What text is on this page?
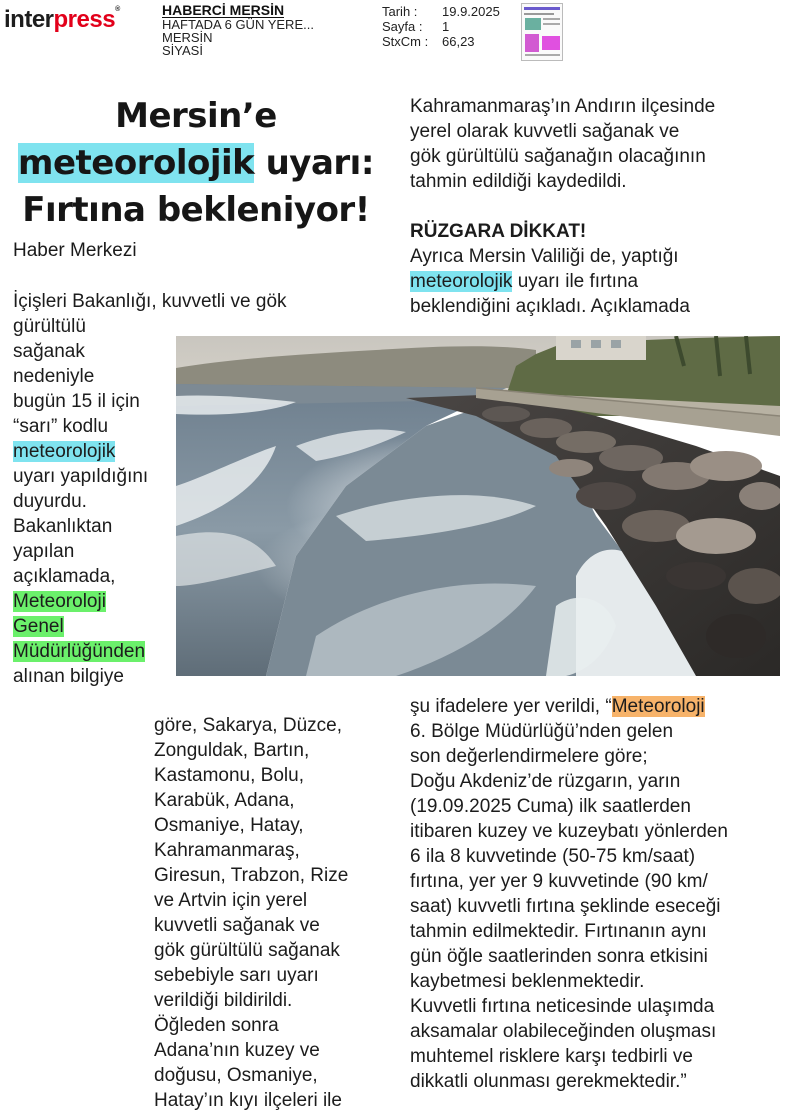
interpress®	HABERCİ MERSİN
HAFTADA 6 GÜN YERE...
MERSİN
SİYASİ
Tarih :	19.9.2025
Sayfa :	1
StxCm :	66,23
Mersin’e
meteorolojik uyarı:
Fırtına bekleniyor!
Haber Merkezi

İçişleri Bakanlığı, kuvvetli ve gök

gürültülü

sağanak

nedeniyle

bugün 15 il için

“sarı” kodlu

meteorolojik

uyarı yapıldığını

duyurdu.

Bakanlıktan

yapılan

açıklamada,

Meteoroloji

Genel

Müdürlüğünden

alınan bilgiye

göre, Sakarya, Düzce,

Zonguldak, Bartın,

Kastamonu, Bolu,

Karabük, Adana,

Osmaniye, Hatay,

Kahramanmaraş,

Giresun, Trabzon, Rize

ve Artvin için yerel

kuvvetli sağanak ve

gök gürültülü sağanak

sebebiyle sarı uyarı

verildiği bildirildi.

Öğleden sonra

Adana’nın kuzey ve

doğusu, Osmaniye,

Hatay’ın kıyı ilçeleri ile

Kahramanmaraş’ın Andırın ilçesinde

yerel olarak kuvvetli sağanak ve

gök gürültülü sağanağın olacağının

tahmin edildiği kaydedildi.

RÜZGARA DİKKAT!

Ayrıca Mersin Valiliği de, yaptığı

meteorolojik uyarı ile fırtına

beklendiğini açıkladı. Açıklamada

şu ifadelere yer verildi, “Meteoroloji

6. Bölge Müdürlüğü’nden gelen

son değerlendirmelere göre;

Doğu Akdeniz’de rüzgarın, yarın

(19.09.2025 Cuma) ilk saatlerden

itibaren kuzey ve kuzeybatı yönlerden

6 ila 8 kuvvetinde (50-75 km/saat)

fırtına, yer yer 9 kuvvetinde (90 km/

saat) kuvvetli fırtına şeklinde eseceği

tahmin edilmektedir. Fırtınanın aynı

gün öğle saatlerinden sonra etkisini

kaybetmesi beklenmektedir.

Kuvvetli fırtına neticesinde ulaşımda

aksamalar olabileceğinden oluşması

muhtemel risklere karşı tedbirli ve

dikkatli olunması gerekmektedir.”
